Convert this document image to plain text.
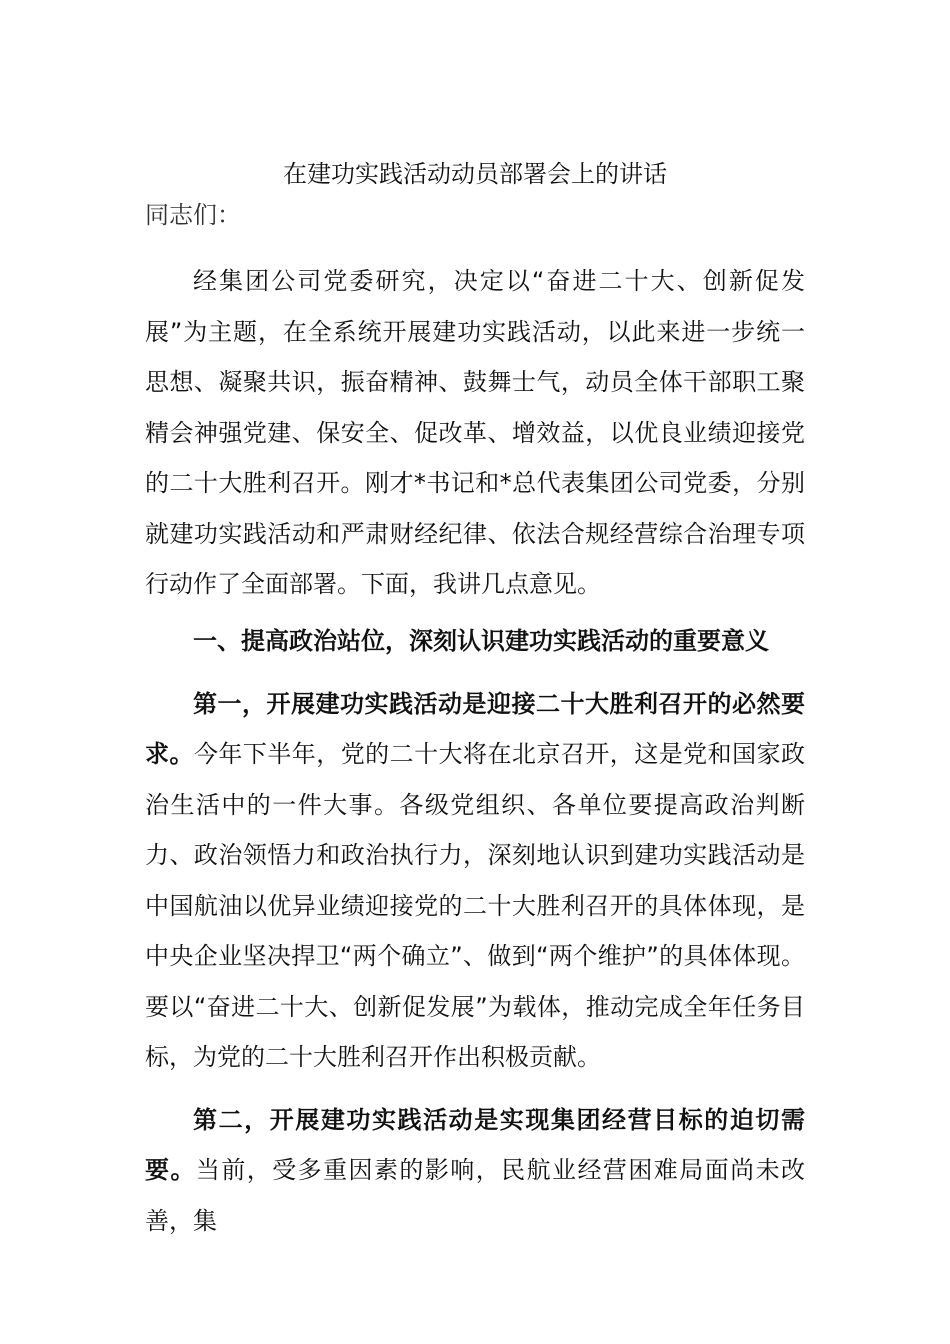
在建功实践活动动员部署会上的讲话
同志们：

经集团公司党委研究，决定以“奋进二十大、创新促发展”为主题，在全系统开展建功实践活动，以此来进一步统一思想、凝聚共识，振奋精神、鼓舞士气，动员全体干部职工聚精会神强党建、保安全、促改革、增效益，以优良业绩迎接党的二十大胜利召开。刚才*书记和*总代表集团公司党委，分别就建功实践活动和严肃财经纪律、依法合规经营综合治理专项行动作了全面部署。下面，我讲几点意见。

一、提高政治站位，深刻认识建功实践活动的重要意义

第一，开展建功实践活动是迎接二十大胜利召开的必然要求。今年下半年，党的二十大将在北京召开，这是党和国家政治生活中的一件大事。各级党组织、各单位要提高政治判断力、政治领悟力和政治执行力，深刻地认识到建功实践活动是中国航油以优异业绩迎接党的二十大胜利召开的具体体现，是中央企业坚决捍卫“两个确立”、做到“两个维护”的具体体现。要以“奋进二十大、创新促发展”为载体，推动完成全年任务目标，为党的二十大胜利召开作出积极贡献。

第二，开展建功实践活动是实现集团经营目标的迫切需要。当前，受多重因素的影响，民航业经营困难局面尚未改善，集
